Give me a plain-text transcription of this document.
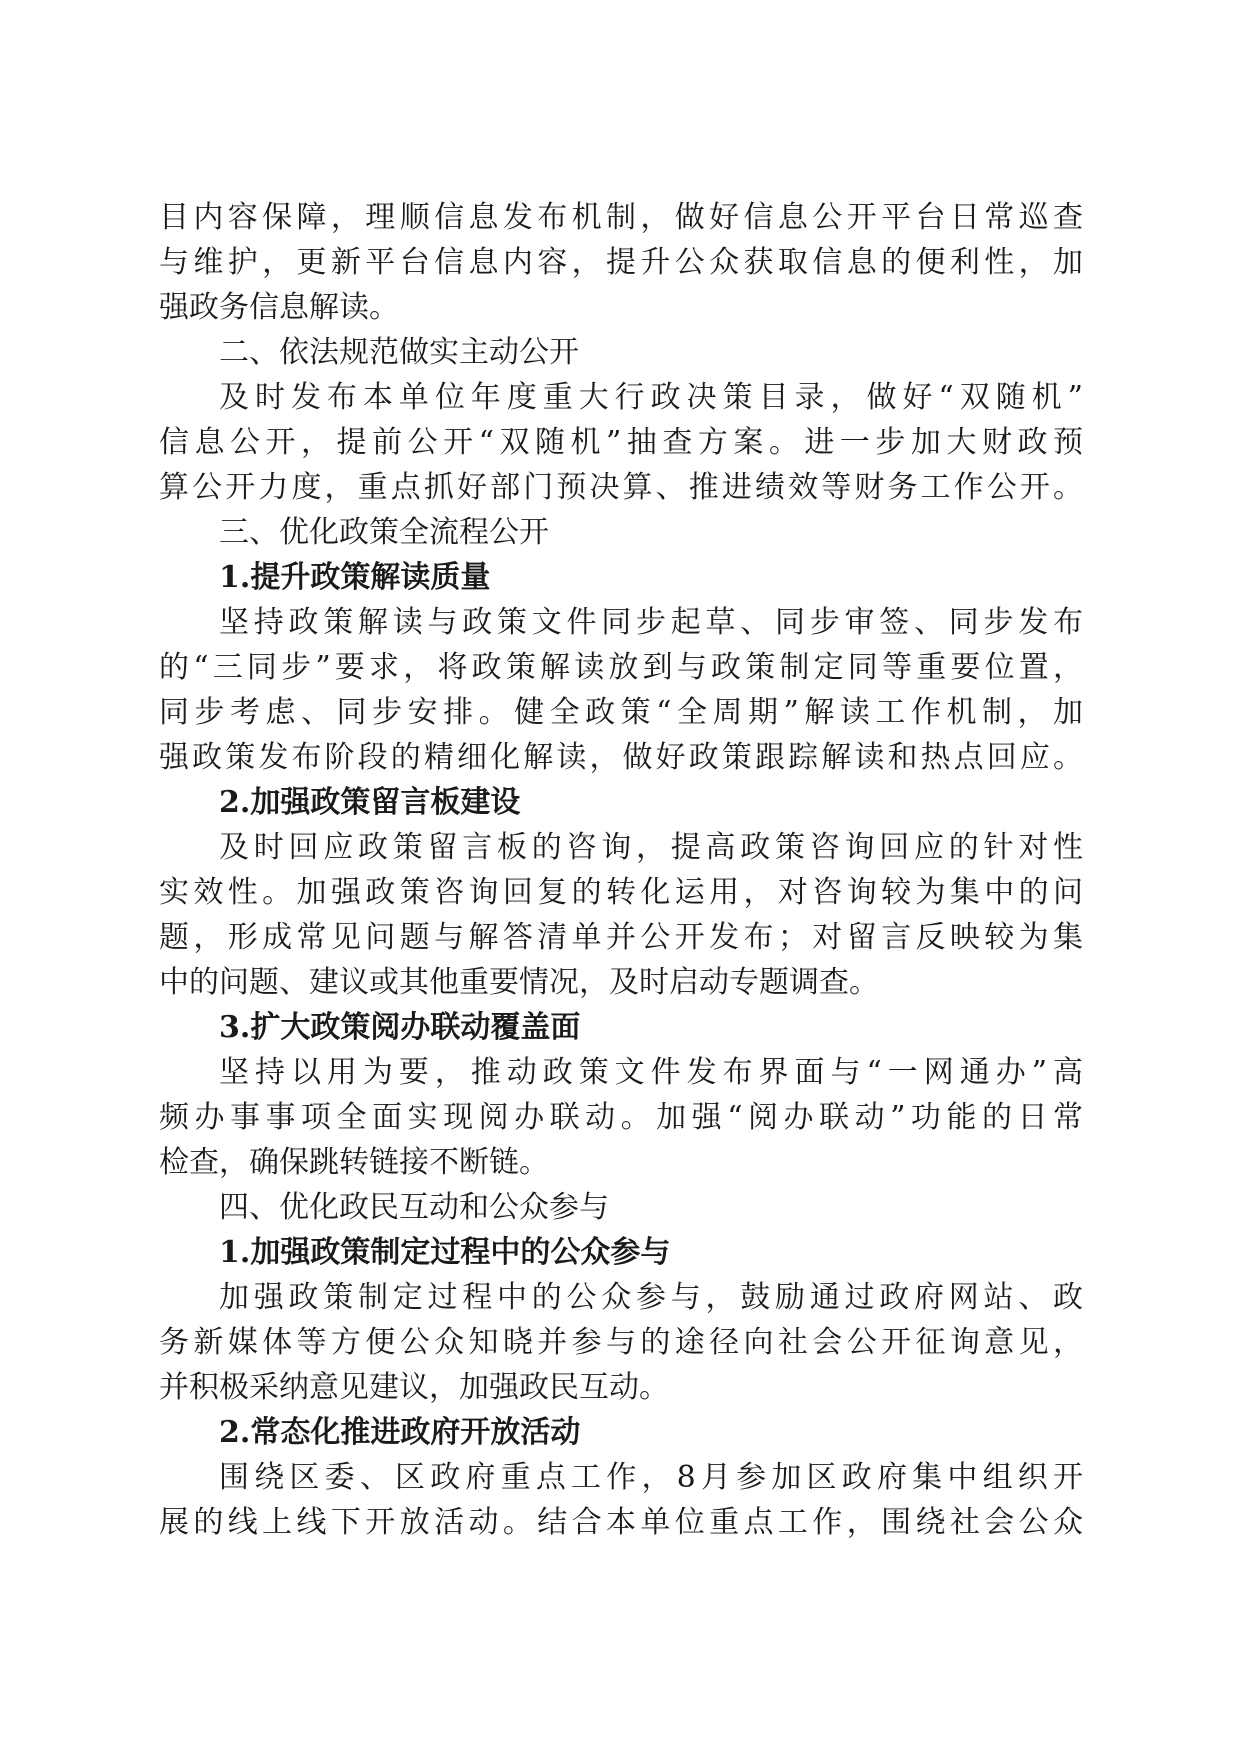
目内容保障，理顺信息发布机制，做好信息公开平台日常巡查
与维护，更新平台信息内容，提升公众获取信息的便利性，加
强政务信息解读。
二、依法规范做实主动公开
及时发布本单位年度重大行政决策目录，做好“双随机”
信息公开，提前公开“双随机”抽查方案。进一步加大财政预
算公开力度，重点抓好部门预决算、推进绩效等财务工作公开。
三、优化政策全流程公开
1.提升政策解读质量
坚持政策解读与政策文件同步起草、同步审签、同步发布
的“三同步”要求，将政策解读放到与政策制定同等重要位置，
同步考虑、同步安排。健全政策“全周期”解读工作机制，加
强政策发布阶段的精细化解读，做好政策跟踪解读和热点回应。
2.加强政策留言板建设
及时回应政策留言板的咨询，提高政策咨询回应的针对性
实效性。加强政策咨询回复的转化运用，对咨询较为集中的问
题，形成常见问题与解答清单并公开发布；对留言反映较为集
中的问题、建议或其他重要情况，及时启动专题调查。
3.扩大政策阅办联动覆盖面
坚持以用为要，推动政策文件发布界面与“一网通办”高
频办事事项全面实现阅办联动。加强“阅办联动”功能的日常
检查，确保跳转链接不断链。
四、优化政民互动和公众参与
1.加强政策制定过程中的公众参与
加强政策制定过程中的公众参与，鼓励通过政府网站、政
务新媒体等方便公众知晓并参与的途径向社会公开征询意见，
并积极采纳意见建议，加强政民互动。
2.常态化推进政府开放活动
围绕区委、区政府重点工作，8月参加区政府集中组织开
展的线上线下开放活动。结合本单位重点工作，围绕社会公众
